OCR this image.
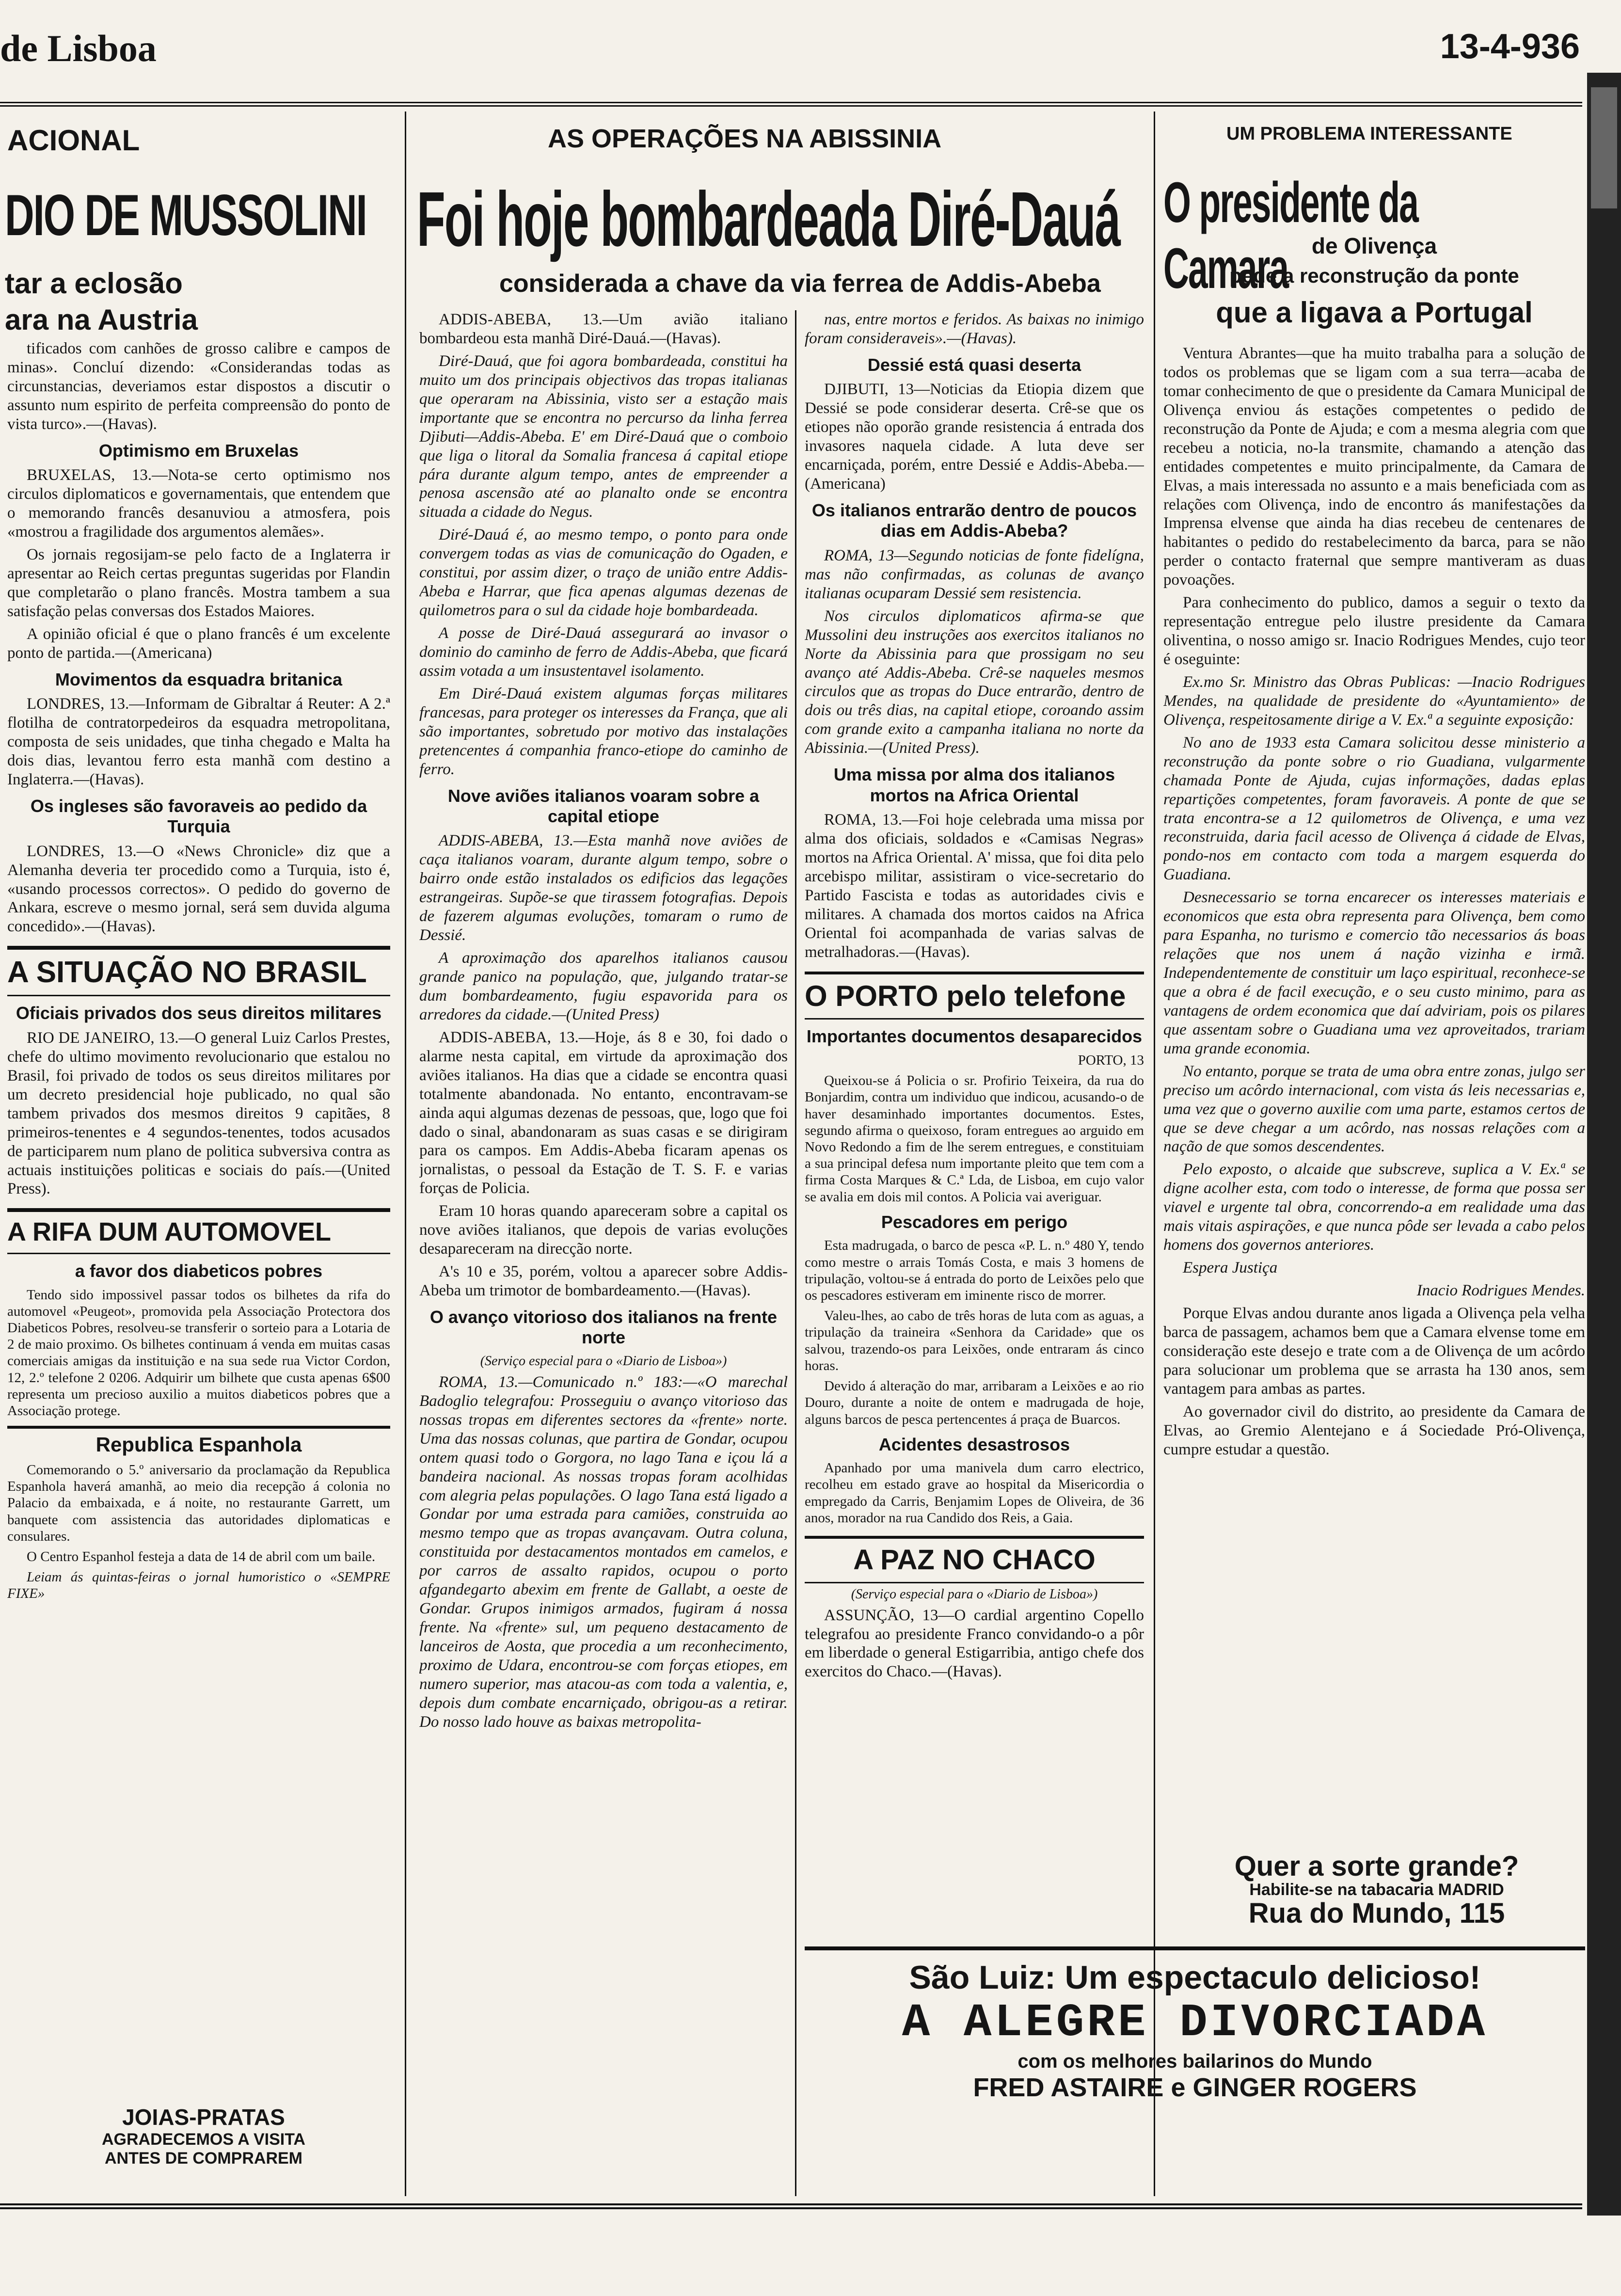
de Lisboa	13-4-936
ACIONAL
DIO DE MUSSOLINI
tar a eclosão
ara na Austria

tificados com canhões de grosso calibre e campos de minas». Concluí dizendo: «Considerandas todas as circunstancias, deveriamos estar dispostos a discutir o assunto num espirito de perfeita compreensão do ponto de vista turco».—(Havas).

Optimismo em Bruxelas

BRUXELAS, 13.—Nota-se certo optimismo nos circulos diplomaticos e governamentais, que entendem que o memorando francês desanuviou a atmosfera, pois «mostrou a fragilidade dos argumentos alemães».

Os jornais regosijam-se pelo facto de a Inglaterra ir apresentar ao Reich certas preguntas sugeridas por Flandin que completarão o plano francês. Mostra tambem a sua satisfação pelas conversas dos Estados Maiores.

A opinião oficial é que o plano francês é um excelente ponto de partida.—(Americana)

Movimentos da esquadra britanica

LONDRES, 13.—Informam de Gibraltar á Reuter: A 2.ª flotilha de contratorpedeiros da esquadra metropolitana, composta de seis unidades, que tinha chegado e Malta ha dois dias, levantou ferro esta manhã com destino a Inglaterra.—(Havas).

Os ingleses são favoraveis ao pedido da Turquia

LONDRES, 13.—O «News Chronicle» diz que a Alemanha deveria ter procedido como a Turquia, isto é, «usando processos correctos». O pedido do governo de Ankara, escreve o mesmo jornal, será sem duvida alguma concedido».—(Havas).

A SITUAÇÃO NO BRASIL
Oficiais privados dos seus direitos militares

RIO DE JANEIRO, 13.—O general Luiz Carlos Prestes, chefe do ultimo movimento revolucionario que estalou no Brasil, foi privado de todos os seus direitos militares por um decreto presidencial hoje publicado, no qual são tambem privados dos mesmos direitos 9 capitães, 8 primeiros-tenentes e 4 segundos-tenentes, todos acusados de participarem num plano de politica subversiva contra as actuais instituições politicas e sociais do país.—(United Press).

A RIFA DUM AUTOMOVEL
a favor dos diabeticos pobres

Tendo sido impossivel passar todos os bilhetes da rifa do automovel «Peugeot», promovida pela Associação Protectora dos Diabeticos Pobres, resolveu-se transferir o sorteio para a Lotaria de 2 de maio proximo. Os bilhetes continuam á venda em muitas casas comerciais amigas da instituição e na sua sede rua Victor Cordon, 12, 2.º telefone 2 0206. Adquirir um bilhete que custa apenas 6$00 representa um precioso auxilio a muitos diabeticos pobres que a Associação protege.

Republica Espanhola

Comemorando o 5.º aniversario da proclamação da Republica Espanhola haverá amanhã, ao meio dia recepção á colonia no Palacio da embaixada, e á noite, no restaurante Garrett, um banquete com assistencia das autoridades diplomaticas e consulares.

O Centro Espanhol festeja a data de 14 de abril com um baile.

Leiam ás quintas-feiras o jornal humoristico o «SEMPRE FIXE»

JOIAS-PRATAS
AGRADECEMOS A VISITA
ANTES DE COMPRAREM
AS OPERAÇÕES NA ABISSINIA
Foi hoje bombardeada Diré-Dauá
considerada a chave da via ferrea de Addis-Abeba

ADDIS-ABEBA, 13.—Um avião italiano bombardeou esta manhã Diré-Dauá.—(Havas).

Diré-Dauá, que foi agora bombardeada, constitui ha muito um dos principais objectivos das tropas italianas que operaram na Abissinia, visto ser a estação mais importante que se encontra no percurso da linha ferrea Djibuti—Addis-Abeba. E' em Diré-Dauá que o comboio que liga o litoral da Somalia francesa á capital etiope pára durante algum tempo, antes de empreender a penosa ascensão até ao planalto onde se encontra situada a cidade do Negus.

Diré-Dauá é, ao mesmo tempo, o ponto para onde convergem todas as vias de comunicação do Ogaden, e constitui, por assim dizer, o traço de união entre Addis-Abeba e Harrar, que fica apenas algumas dezenas de quilometros para o sul da cidade hoje bombardeada.

A posse de Diré-Dauá assegurará ao invasor o dominio do caminho de ferro de Addis-Abeba, que ficará assim votada a um insustentavel isolamento.

Em Diré-Dauá existem algumas forças militares francesas, para proteger os interesses da França, que ali são importantes, sobretudo por motivo das instalações pretencentes á companhia franco-etiope do caminho de ferro.

Nove aviões italianos voaram sobre a capital etiope

ADDIS-ABEBA, 13.—Esta manhã nove aviões de caça italianos voaram, durante algum tempo, sobre o bairro onde estão instalados os edificios das legações estrangeiras. Supõe-se que tirassem fotografias. Depois de fazerem algumas evoluções, tomaram o rumo de Dessié.

A aproximação dos aparelhos italianos causou grande panico na população, que, julgando tratar-se dum bombardeamento, fugiu espavorida para os arredores da cidade.—(United Press)

ADDIS-ABEBA, 13.—Hoje, ás 8 e 30, foi dado o alarme nesta capital, em virtude da aproximação dos aviões italianos. Ha dias que a cidade se encontra quasi totalmente abandonada. No entanto, encontravam-se ainda aqui algumas dezenas de pessoas, que, logo que foi dado o sinal, abandonaram as suas casas e se dirigiram para os campos. Em Addis-Abeba ficaram apenas os jornalistas, o pessoal da Estação de T. S. F. e varias forças de Policia.

Eram 10 horas quando apareceram sobre a capital os nove aviões italianos, que depois de varias evoluções desapareceram na direcção norte.

A's 10 e 35, porém, voltou a aparecer sobre Addis-Abeba um trimotor de bombardeamento.—(Havas).

O avanço vitorioso dos italianos na frente norte

(Serviço especial para o «Diario de Lisboa»)

ROMA, 13.—Comunicado n.º 183:—«O marechal Badoglio telegrafou: Prosseguiu o avanço vitorioso das nossas tropas em diferentes sectores da «frente» norte. Uma das nossas colunas, que partira de Gondar, ocupou ontem quasi todo o Gorgora, no lago Tana e içou lá a bandeira nacional. As nossas tropas foram acolhidas com alegria pelas populações. O lago Tana está ligado a Gondar por uma estrada para camiões, construida ao mesmo tempo que as tropas avançavam. Outra coluna, constituida por destacamentos montados em camelos, e por carros de assalto rapidos, ocupou o porto afgandegarto abexim em frente de Gallabt, a oeste de Gondar. Grupos inimigos armados, fugiram á nossa frente. Na «frente» sul, um pequeno destacamento de lanceiros de Aosta, que procedia a um reconhecimento, proximo de Udara, encontrou-se com forças etiopes, em numero superior, mas atacou-as com toda a valentia, e, depois dum combate encarniçado, obrigou-as a retirar. Do nosso lado houve as baixas metropolita-

nas, entre mortos e feridos. As baixas no inimigo foram consideraveis».—(Havas).

Dessié está quasi deserta

DJIBUTI, 13—Noticias da Etiopia dizem que Dessié se pode considerar deserta. Crê-se que os etiopes não oporão grande resistencia á entrada dos invasores naquela cidade. A luta deve ser encarniçada, porém, entre Dessié e Addis-Abeba.—(Americana)

Os italianos entrarão dentro de poucos dias em Addis-Abeba?

ROMA, 13—Segundo noticias de fonte fidelígna, mas não confirmadas, as colunas de avanço italianas ocuparam Dessié sem resistencia.

Nos circulos diplomaticos afirma-se que Mussolini deu instruções aos exercitos italianos no Norte da Abissinia para que prossigam no seu avanço até Addis-Abeba. Crê-se naqueles mesmos circulos que as tropas do Duce entrarão, dentro de dois ou três dias, na capital etiope, coroando assim com grande exito a campanha italiana no norte da Abissinia.—(United Press).

Uma missa por alma dos italianos mortos na Africa Oriental

ROMA, 13.—Foi hoje celebrada uma missa por alma dos oficiais, soldados e «Camisas Negras» mortos na Africa Oriental. A' missa, que foi dita pelo arcebispo militar, assistiram o vice-secretario do Partido Fascista e todas as autoridades civis e militares. A chamada dos mortos caidos na Africa Oriental foi acompanhada de varias salvas de metralhadoras.—(Havas).

O PORTO pelo telefone
Importantes documentos desaparecidos

PORTO, 13

Queixou-se á Policia o sr. Profirio Teixeira, da rua do Bonjardim, contra um individuo que indicou, acusando-o de haver desaminhado importantes documentos. Estes, segundo afirma o queixoso, foram entregues ao arguido em Novo Redondo a fim de lhe serem entregues, e constituiam a sua principal defesa num importante pleito que tem com a firma Costa Marques & C.ª Lda, de Lisboa, em cujo valor se avalia em dois mil contos. A Policia vai averiguar.

Pescadores em perigo

Esta madrugada, o barco de pesca «P. L. n.º 480 Y, tendo como mestre o arrais Tomás Costa, e mais 3 homens de tripulação, voltou-se á entrada do porto de Leixões pelo que os pescadores estiveram em iminente risco de morrer.

Valeu-lhes, ao cabo de três horas de luta com as aguas, a tripulação da traineira «Senhora da Caridade» que os salvou, trazendo-os para Leixões, onde entraram ás cinco horas.

Devido á alteração do mar, arribaram a Leixões e ao rio Douro, durante a noite de ontem e madrugada de hoje, alguns barcos de pesca pertencentes á praça de Buarcos.

Acidentes desastrosos

Apanhado por uma manivela dum carro electrico, recolheu em estado grave ao hospital da Misericordia o empregado da Carris, Benjamim Lopes de Oliveira, de 36 anos, morador na rua Candido dos Reis, a Gaia.

A PAZ NO CHACO

(Serviço especial para o «Diario de Lisboa»)

ASSUNÇÃO, 13—O cardial argentino Copello telegrafou ao presidente Franco convidando-o a pôr em liberdade o general Estigarribia, antigo chefe dos exercitos do Chaco.—(Havas).

UM PROBLEMA INTERESSANTE
O presidente da Camara	de Olivença
pede a reconstrução da ponte
que a ligava a Portugal

Ventura Abrantes—que ha muito trabalha para a solução de todos os problemas que se ligam com a sua terra—acaba de tomar conhecimento de que o presidente da Camara Municipal de Olivença enviou ás estações competentes o pedido de reconstrução da Ponte de Ajuda; e com a mesma alegria com que recebeu a noticia, no-la transmite, chamando a atenção das entidades competentes e muito principalmente, da Camara de Elvas, a mais interessada no assunto e a mais beneficiada com as relações com Olivença, indo de encontro ás manifestações da Imprensa elvense que ainda ha dias recebeu de centenares de habitantes o pedido do restabelecimento da barca, para se não perder o contacto fraternal que sempre mantiveram as duas povoações.

Para conhecimento do publico, damos a seguir o texto da representação entregue pelo ilustre presidente da Camara oliventina, o nosso amigo sr. Inacio Rodrigues Mendes, cujo teor é oseguinte:

Ex.mo Sr. Ministro das Obras Publicas: —Inacio Rodrigues Mendes, na qualidade de presidente do «Ayuntamiento» de Olivença, respeitosamente dirige a V. Ex.ª a seguinte exposição:

No ano de 1933 esta Camara solicitou desse ministerio a reconstrução da ponte sobre o rio Guadiana, vulgarmente chamada Ponte de Ajuda, cujas informações, dadas eplas repartições competentes, foram favoraveis. A ponte de que se trata encontra-se a 12 quilometros de Olivença, e uma vez reconstruida, daria facil acesso de Olivença á cidade de Elvas, pondo-nos em contacto com toda a margem esquerda do Guadiana.

Desnecessario se torna encarecer os interesses materiais e economicos que esta obra representa para Olivença, bem como para Espanha, no turismo e comercio tão necessarios ás boas relações que nos unem á nação vizinha e irmã. Independentemente de constituir um laço espiritual, reconhece-se que a obra é de facil execução, e o seu custo minimo, para as vantagens de ordem economica que daí adviriam, pois os pilares que assentam sobre o Guadiana uma vez aproveitados, trariam uma grande economia.

No entanto, porque se trata de uma obra entre zonas, julgo ser preciso um acôrdo internacional, com vista ás leis necessarias e, uma vez que o governo auxilie com uma parte, estamos certos de que se deve chegar a um acôrdo, nas nossas relações com a nação de que somos descendentes.

Pelo exposto, o alcaide que subscreve, suplica a V. Ex.ª se digne acolher esta, com todo o interesse, de forma que possa ser viavel e urgente tal obra, concorrendo-a em realidade uma das mais vitais aspirações, e que nunca pôde ser levada a cabo pelos homens dos governos anteriores.

Espera Justiça

Inacio Rodrigues Mendes.

Porque Elvas andou durante anos ligada a Olivença pela velha barca de passagem, achamos bem que a Camara elvense tome em consideração este desejo e trate com a de Olivença de um acôrdo para solucionar um problema que se arrasta ha 130 anos, sem vantagem para ambas as partes.

Ao governador civil do distrito, ao presidente da Camara de Elvas, ao Gremio Alentejano e á Sociedade Pró-Olivença, cumpre estudar a questão.

Quer a sorte grande?
Habilite-se na tabacaria MADRID
Rua do Mundo, 115
São Luiz: Um espectaculo delicioso!
A ALEGRE DIVORCIADA
com os melhores bailarinos do Mundo
FRED ASTAIRE e GINGER ROGERS
